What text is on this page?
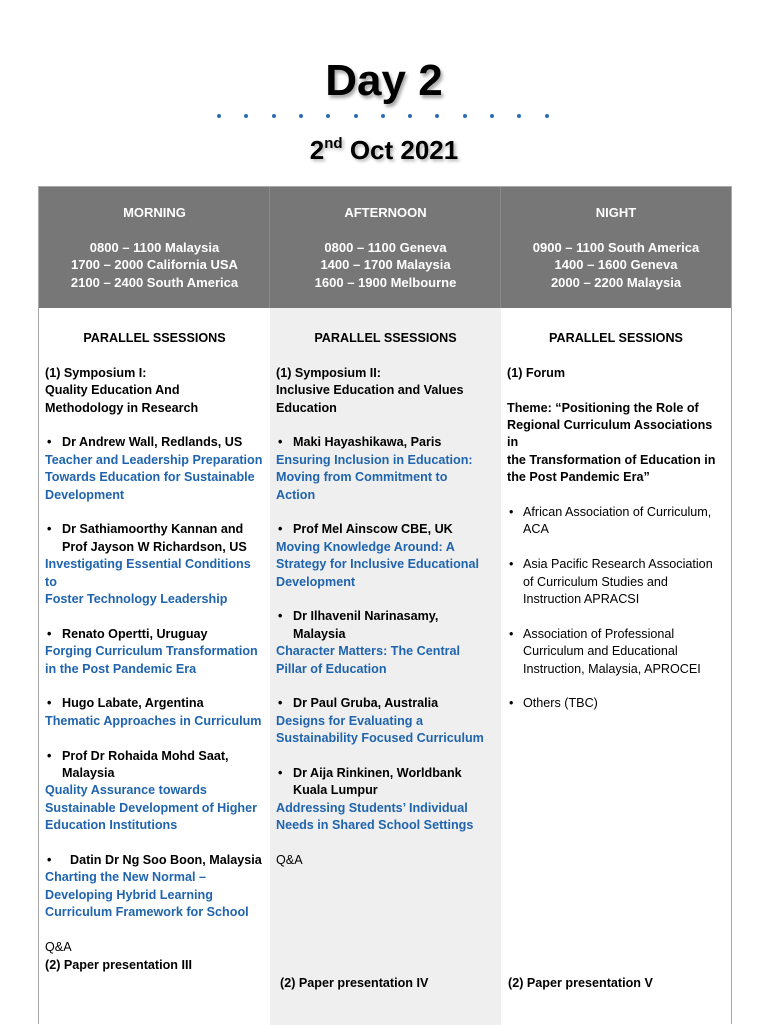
Day 2
2nd Oct 2021
MORNING
0800 – 1100 Malaysia
1700 – 2000 California USA
2100 – 2400 South America
AFTERNOON
0800 – 1100 Geneva
1400 – 1700 Malaysia
1600 – 1900 Melbourne
NIGHT
0900 – 1100 South America
1400 – 1600 Geneva
2000 – 2200 Malaysia

PARALLEL SSESSIONS

(1) Symposium I:

Quality Education And

Methodology in Research

• Dr Andrew Wall, Redlands, US

Teacher and Leadership Preparation

Towards Education for Sustainable

Development

• Dr Sathiamoorthy Kannan and
Prof Jayson W Richardson, US

Investigating Essential Conditions to

Foster Technology Leadership

• Renato Opertti, Uruguay

Forging Curriculum Transformation

in the Post Pandemic Era

• Hugo Labate, Argentina

Thematic Approaches in Curriculum

• Prof Dr Rohaida Mohd Saat,
Malaysia

Quality Assurance towards

Sustainable Development of Higher

Education Institutions

• Datin Dr Ng Soo Boon, Malaysia

Charting the New Normal –

Developing Hybrid Learning

Curriculum Framework for School

Q&A

(2) Paper presentation III

PARALLEL SSESSIONS

(1) Symposium II:

Inclusive Education and Values

Education

• Maki Hayashikawa, Paris

Ensuring Inclusion in Education:

Moving from Commitment to

Action

• Prof Mel Ainscow CBE, UK

Moving Knowledge Around: A

Strategy for Inclusive Educational

Development

• Dr Ilhavenil Narinasamy,
Malaysia

Character Matters: The Central

Pillar of Education

• Dr Paul Gruba, Australia

Designs for Evaluating a

Sustainability Focused Curriculum

• Dr Aija Rinkinen, Worldbank
Kuala Lumpur

Addressing Students’ Individual

Needs in Shared School Settings

Q&A

PARALLEL SESSIONS

(1) Forum

Theme: “Positioning the Role of

Regional Curriculum Associations in

the Transformation of Education in

the Post Pandemic Era”

• African Association of Curriculum,
ACA
• Asia Pacific Research Association
of Curriculum Studies and
Instruction APRACSI
• Association of Professional
Curriculum and Educational
Instruction, Malaysia, APROCEI
• Others (TBC)
(2) Paper presentation IV	(2) Paper presentation V
